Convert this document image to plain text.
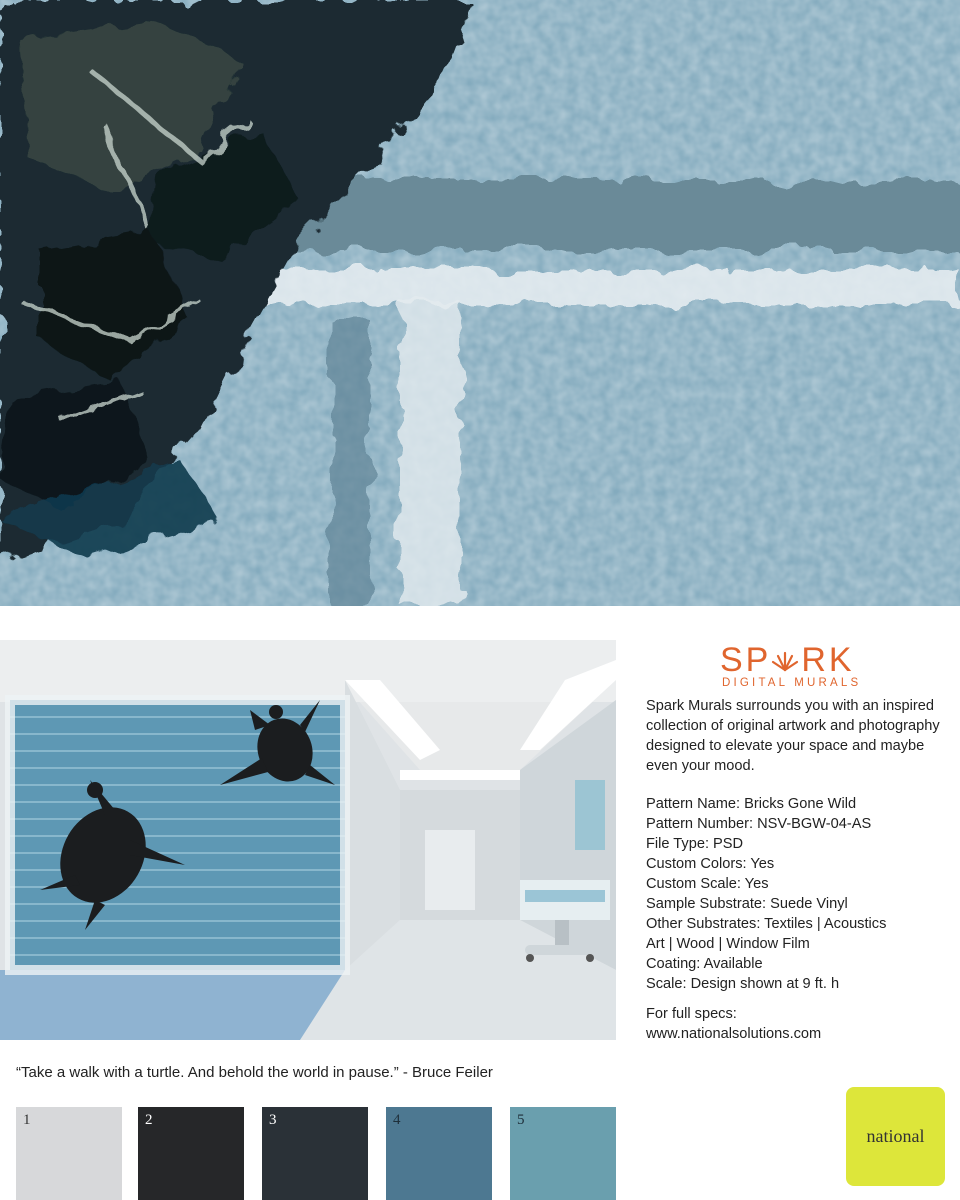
SP RK
DIGITAL MURALS

Spark Murals surrounds you with an inspired collection of original artwork and photography designed to elevate your space and maybe even your mood.

Pattern Name: Bricks Gone Wild
Pattern Number: NSV-BGW-04-AS
File Type: PSD
Custom Colors: Yes
Custom Scale: Yes
Sample Substrate: Suede Vinyl
Other Substrates: Textiles | Acoustics
Art | Wood | Window Film
Coating: Available
Scale: Design shown at 9 ft. h
For full specs:
www.nationalsolutions.com

“Take a walk with a turtle. And behold the world in pause.” - Bruce Feiler

1	2	3	4	5
national
